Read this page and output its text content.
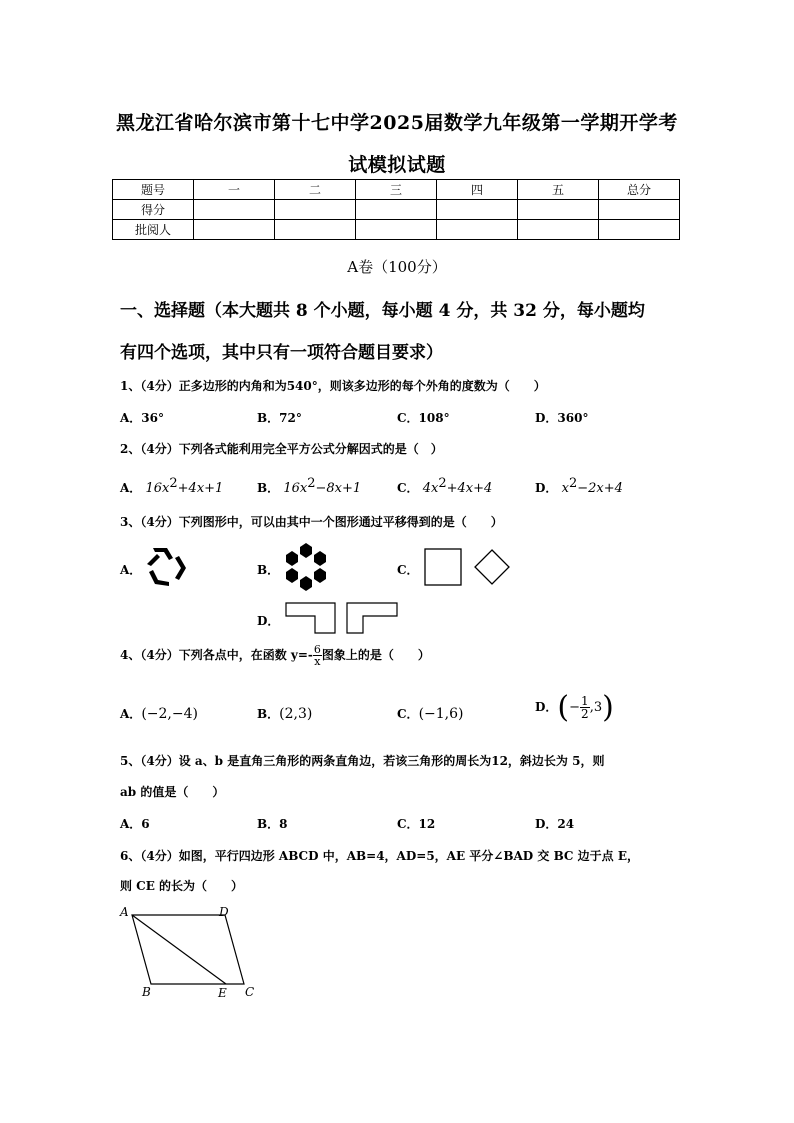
黑龙江省哈尔滨市第十七中学2025届数学九年级第一学期开学考
试模拟试题
题号	一	二	三	四	五	总分
得分						
批阅人						
A卷（100分）
一、选择题（本大题共 8 个小题，每小题 4 分，共 32 分，每小题均
有四个选项，其中只有一项符合题目要求）
1、（4分）正多边形的内角和为540°，则该多边形的每个外角的度数为（　　）
A．36°	B．72°	C．108°	D．360°
2、（4分）下列各式能利用完全平方公式分解因式的是（　）
A． $16x^2+4x+1$	B． $16x^2-8x+1$	C． $4x^2+4x+4$	D． $x^2-2x+4$
3、（4分）下列图形中，可以由其中一个图形通过平移得到的是（　　）
A．	B．	C．
D．
4、（4分）下列各点中，在函数 $y=- \frac{6}{x}$ 图象上的是（　　）
A．(−2,−4)	B．(2,3)	C．(−1,6)	D．(− $\frac{1}{2} ,3$)
5、（4分）设 a、b 是直角三角形的两条直角边，若该三角形的周长为12，斜边长为 5，则
ab 的值是（　　）
A．6	B．8	C．12	D．24
6、（4分）如图，平行四边形 ABCD 中，AB=4，AD=5，AE 平分∠BAD 交 BC 边于点 E，
则 CE 的长为（　　）
A	D
B	E C
